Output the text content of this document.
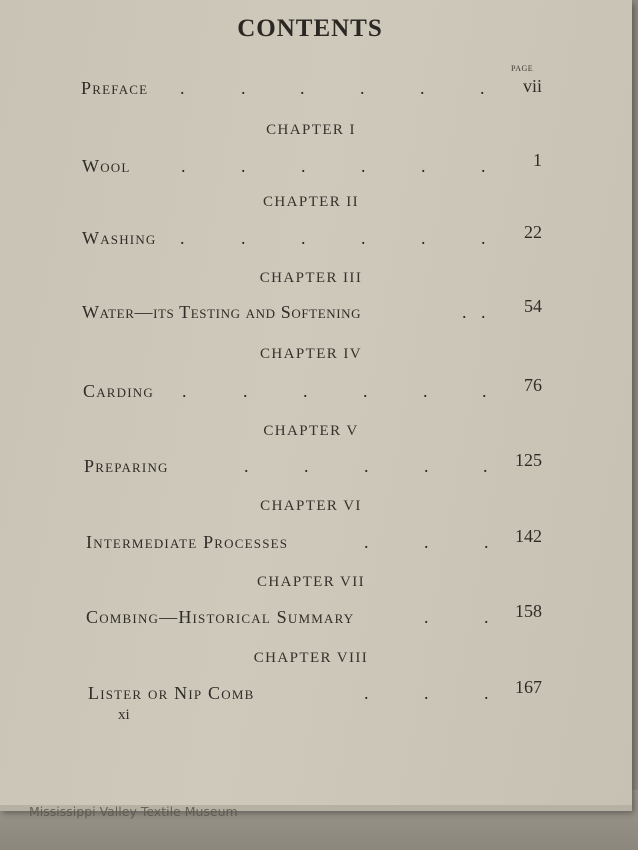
CONTENTS
PAGE
Preface .	.	.	.	.	. vii
CHAPTER I
Wool	.	.	.	.	.	.	1
CHAPTER II
Washing .	.	.	.	.	. 22
CHAPTER III
Water—its Testing and Softening	. . 54
CHAPTER IV
Carding .	.	.	.	.	. 76
CHAPTER V
Preparing	.	.	.	.	. 125
CHAPTER VI
Intermediate Processes	.	.	. 142
CHAPTER VII
Combing—Historical Summary	.	. 158
CHAPTER VIII
Lister or Nip Comb	.	.	. 167
xi
Mississippi Valley Textile Museum
